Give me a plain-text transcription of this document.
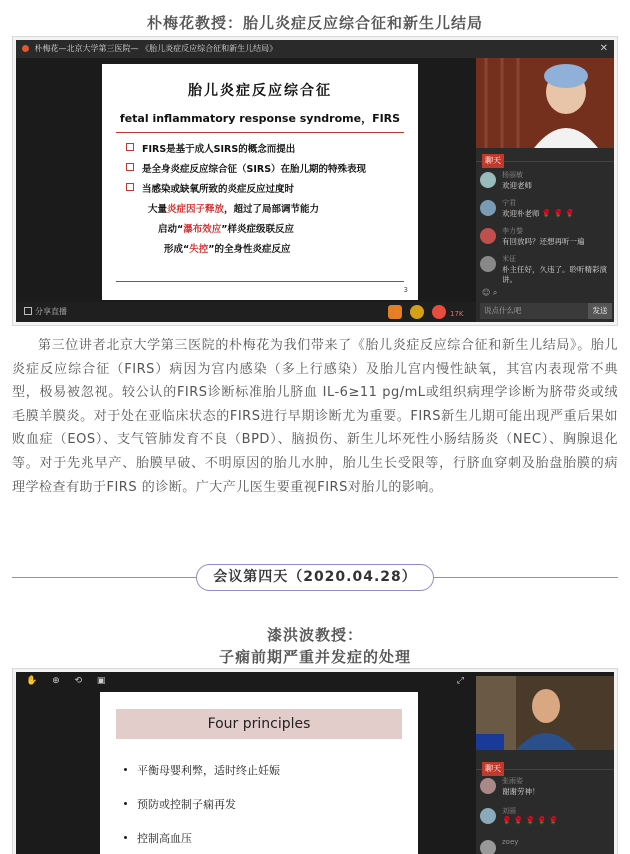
朴梅花教授：胎儿炎症反应综合征和新生儿结局
朴梅花—北京大学第三医院— 《胎儿炎症反应综合征和新生儿结局》	✕
胎儿炎症反应综合征
fetal inflammatory response syndrome，FIRS
FIRS是基于成人SIRS的概念而提出
是全身炎症反应综合征（SIRS）在胎儿期的特殊表现
当感染或缺氧所致的炎症反应过度时
大量炎症因子释放，超过了局部调节能力
启动“瀑布效应”样炎症级联反应
形成“失控”的全身性炎症反应
3
分享直播	17K
聊天
杨丽敏
欢迎老师
宁君
欢迎朴老师 🌹 🌹 🌹
李力黎
有回放吗？还想再听一遍
米征
朴主任好，久违了。聆听精彩演
讲。
☺ ⌕
说点什么吧	发送
第三位讲者北京大学第三医院的朴梅花为我们带来了《胎儿炎症反应综合征和新生儿结局》。胎儿炎症反应综合征（FIRS）病因为宫内感染（多上行感染）及胎儿宫内慢性缺氧，其宫内表现常不典型，极易被忽视。较公认的FIRS诊断标准胎儿脐血 IL-6≥11 pg/mL或组织病理学诊断为脐带炎或绒毛膜羊膜炎。对于处在亚临床状态的FIRS进行早期诊断尤为重要。FIRS新生儿期可能出现严重后果如败血症（EOS）、支气管肺发育不良（BPD）、脑损伤、新生儿坏死性小肠结肠炎（NEC）、胸腺退化等。对于先兆早产、胎膜早破、不明原因的胎儿水肿，胎儿生长受限等，行脐血穿刺及胎盘胎膜的病理学检查有助于FIRS 的诊断。广大产儿医生要重视FIRS对胎儿的影响。
会议第四天（2020.04.28）
漆洪波教授：
子痫前期严重并发症的处理
✋ ⊕ ⟲ ▣	⤢
Four principles
平衡母婴利弊，适时终止妊娠
预防或控制子痫再发
控制高血压
聊天
张雨姿
谢谢劳神！
刘丽
🌹 🌹 🌹 🌹 🌹
zoey
